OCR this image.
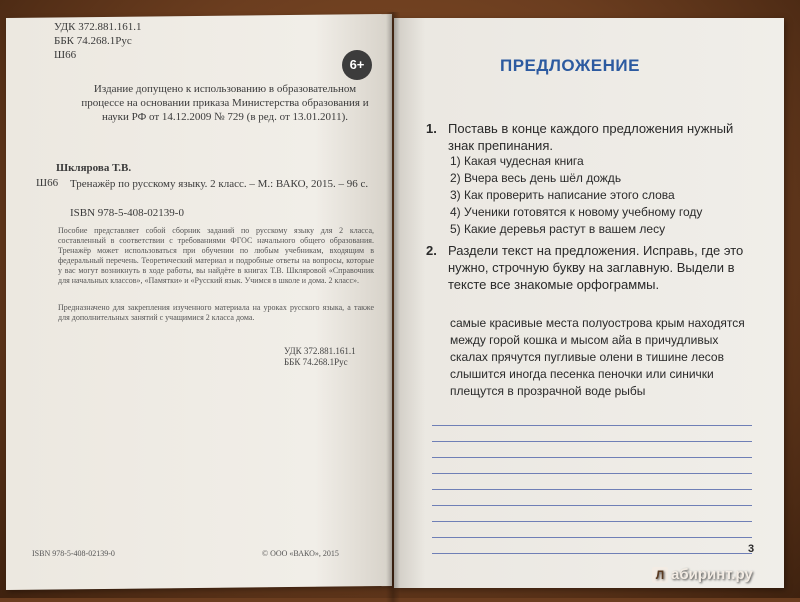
УДК 372.881.161.1
ББК 74.268.1Рус
Ш66
6+
Издание допущено к использованию в образовательном процессе на основании приказа Министерства образования и науки РФ от 14.12.2009 № 729 (в ред. от 13.01.2011).
Шклярова Т.В.
Ш66 Тренажёр по русскому языку. 2 класс. – М.: ВАКО, 2015. – 96 с.
ISBN 978-5-408-02139-0
Пособие представляет собой сборник заданий по русскому языку для 2 класса, составленный в соответствии с требованиями ФГОС начального общего образования. Тренажёр может использоваться при обучении по любым учебникам, входящим в федеральный перечень. Теоретический материал и подробные ответы на вопросы, которые у вас могут возникнуть в ходе работы, вы найдёте в книгах Т.В. Шкляровой «Справочник для начальных классов», «Памятки» и «Русский язык. Учимся в школе и дома. 2 класс».
Предназначено для закрепления изученного материала на уроках русского языка, а также для дополнительных занятий с учащимися 2 класса дома.
УДК 372.881.161.1
ББК 74.268.1Рус
ISBN 978-5-408-02139-0	© ООО «ВАКО», 2015
ПРЕДЛОЖЕНИЕ
1. Поставь в конце каждого предложения нужный знак препинания.
1) Какая чудесная книга
2) Вчера весь день шёл дождь
3) Как проверить написание этого слова
4) Ученики готовятся к новому учебному году
5) Какие деревья растут в вашем лесу
2. Раздели текст на предложения. Исправь, где это нужно, строчную букву на заглавную. Выдели в тексте все знакомые орфограммы.
самые красивые места полуострова крым находятся между горой кошка и мысом айа в причудливых скалах прячутся пугливые олени в тишине лесов слышится иногда песенка пеночки или синички плещутся в прозрачной воде рыбы
3
Л абиринт.ру
